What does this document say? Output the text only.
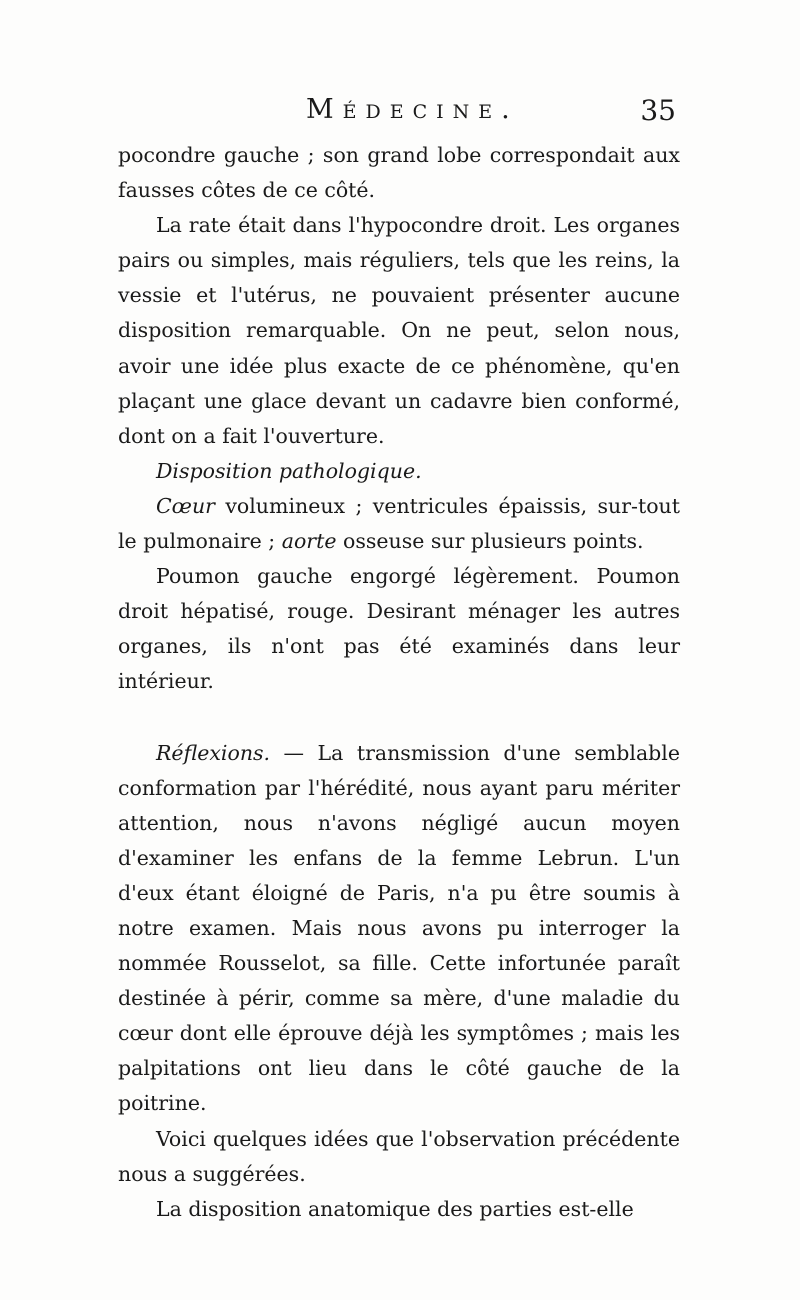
Médecine.	35

pocondre gauche ; son grand lobe correspondait aux fausses côtes de ce côté.

La rate était dans l'hypocondre droit. Les organes pairs ou simples, mais réguliers, tels que les reins, la vessie et l'utérus, ne pouvaient présenter aucune disposition remarquable. On ne peut, selon nous, avoir une idée plus exacte de ce phénomène, qu'en plaçant une glace devant un cadavre bien conformé, dont on a fait l'ouverture.

Disposition pathologique.

Cœur volumineux ; ventricules épaissis, sur-tout le pulmonaire ; aorte osseuse sur plusieurs points.

Poumon gauche engorgé légèrement. Poumon droit hépatisé, rouge. Desirant ménager les autres organes, ils n'ont pas été examinés dans leur intérieur.

Réflexions. — La transmission d'une semblable conformation par l'hérédité, nous ayant paru mériter attention, nous n'avons négligé aucun moyen d'examiner les enfans de la femme Lebrun. L'un d'eux étant éloigné de Paris, n'a pu être soumis à notre examen. Mais nous avons pu interroger la nommée Rousselot, sa fille. Cette infortunée paraît destinée à périr, comme sa mère, d'une maladie du cœur dont elle éprouve déjà les symptômes ; mais les palpitations ont lieu dans le côté gauche de la poitrine.

Voici quelques idées que l'observation précédente nous a suggérées.

La disposition anatomique des parties est-elle
